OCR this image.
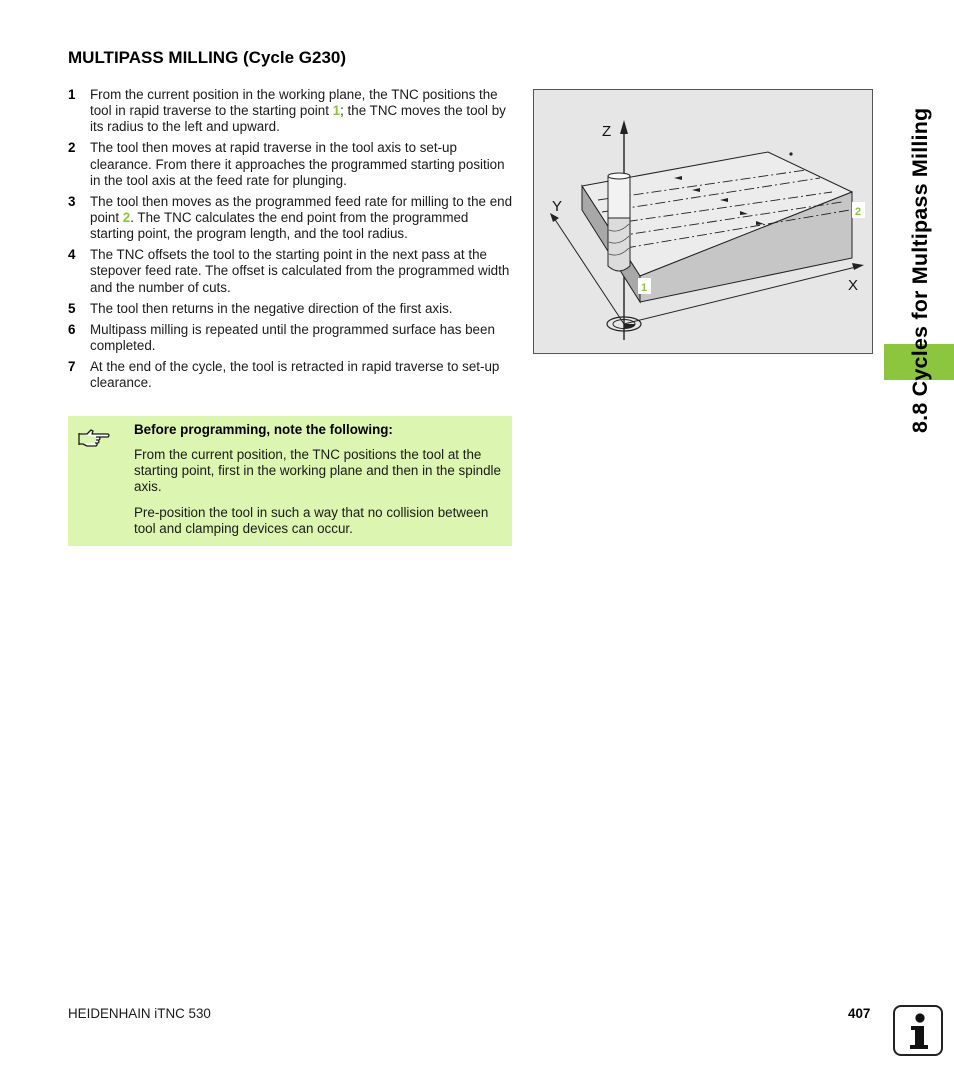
MULTIPASS MILLING (Cycle G230)
1 From the current position in the working plane, the TNC positions the tool in rapid traverse to the starting point 1; the TNC moves the tool by its radius to the left and upward.
2 The tool then moves at rapid traverse in the tool axis to set-up clearance. From there it approaches the programmed starting position in the tool axis at the feed rate for plunging.
3 The tool then moves as the programmed feed rate for milling to the end point 2. The TNC calculates the end point from the programmed starting point, the program length, and the tool radius.
4 The TNC offsets the tool to the starting point in the next pass at the stepover feed rate. The offset is calculated from the programmed width and the number of cuts.
5 The tool then returns in the negative direction of the first axis.
6 Multipass milling is repeated until the programmed surface has been completed.
7 At the end of the cycle, the tool is retracted in rapid traverse to set-up clearance.

Before programming, note the following:

From the current position, the TNC positions the tool at the starting point, first in the working plane and then in the spindle axis.

Pre-position the tool in such a way that no collision between tool and clamping devices can occur.

Z
Y
X
1
2 8.8 Cycles for Multipass Milling
HEIDENHAIN iTNC 530	407
